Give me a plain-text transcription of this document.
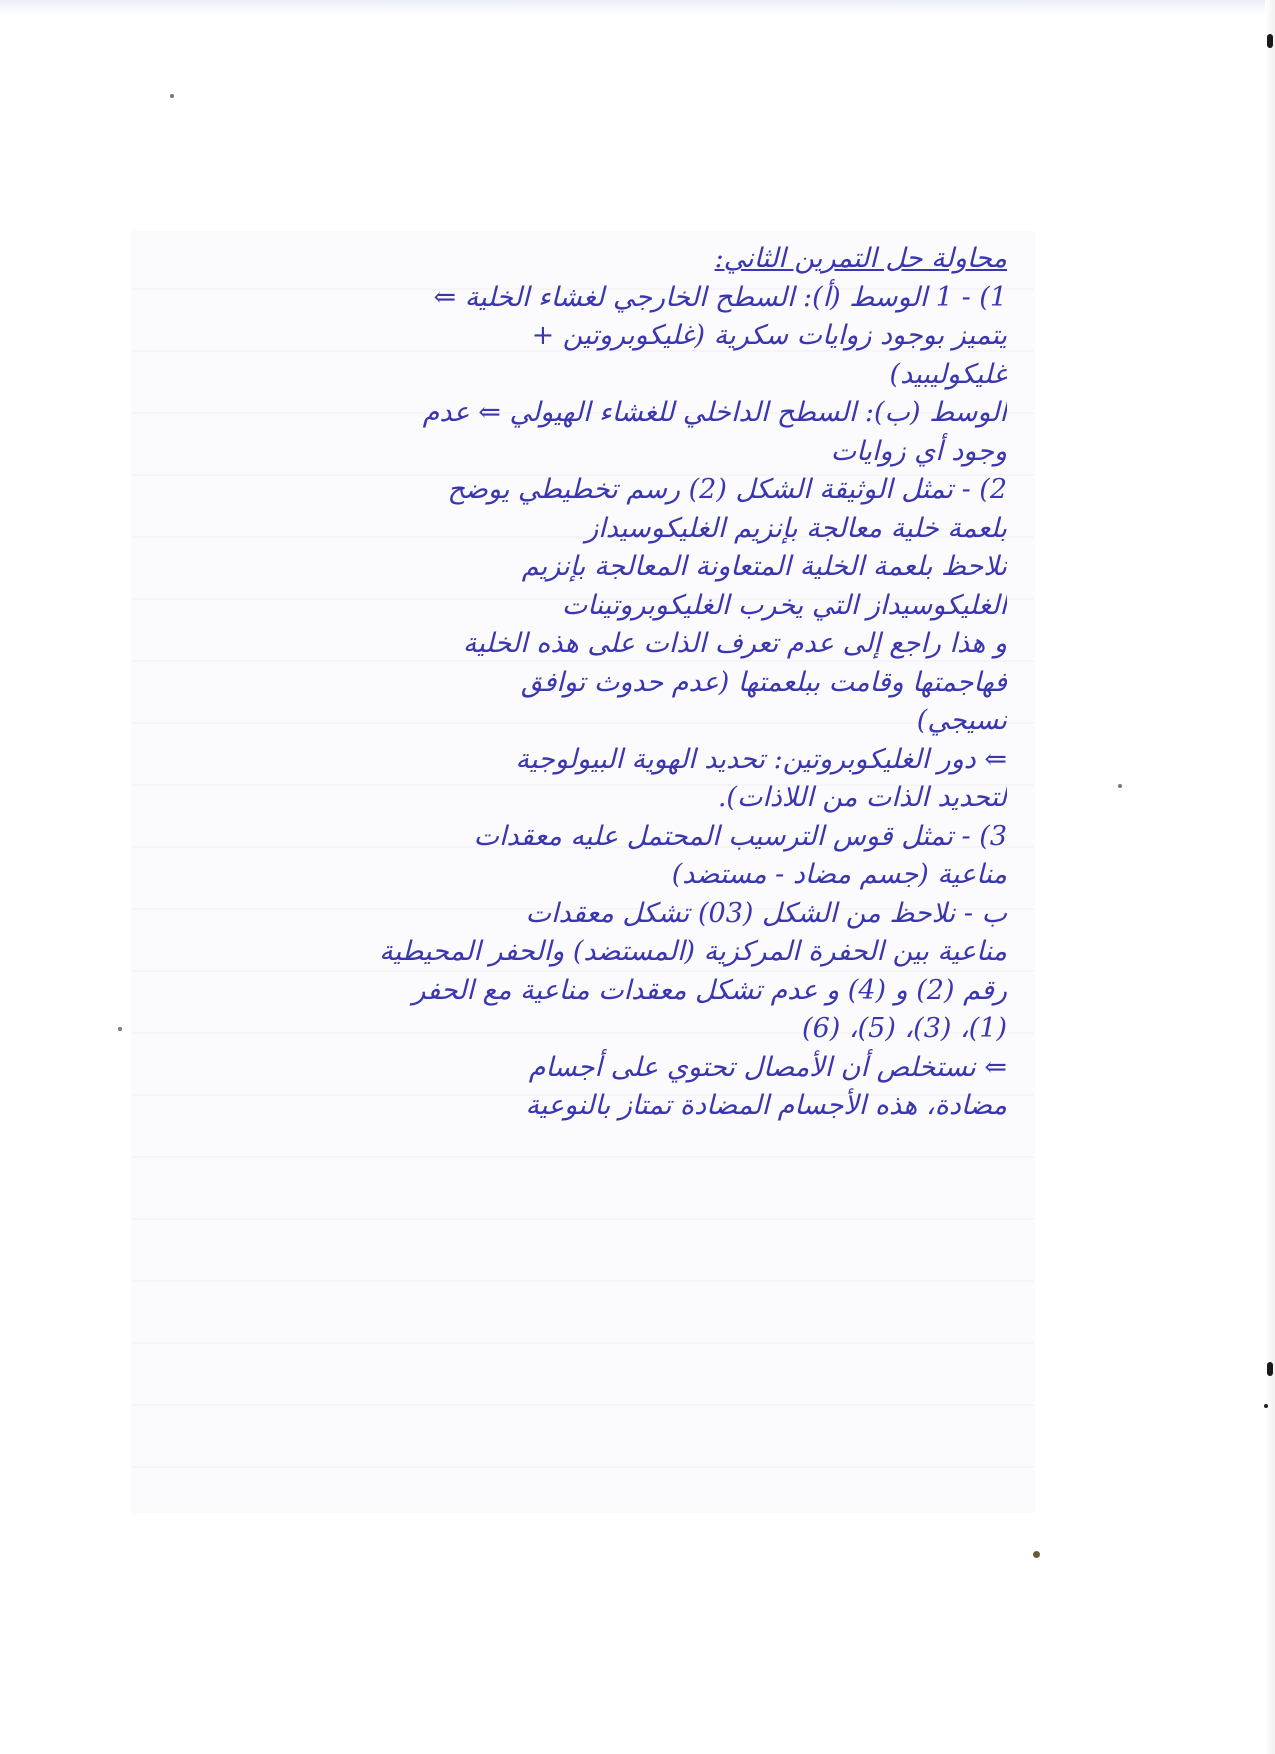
محاولة حل التمرين الثاني:
1) - 1 الوسط (أ): السطح الخارجي لغشاء الخلية ⇐
يتميز بوجود زوايات سكرية (غليكوبروتين +
غليكوليبيد)
الوسط (ب): السطح الداخلي للغشاء الهيولي ⇐ عدم
وجود أي زوايات
2) - تمثل الوثيقة الشكل (2) رسم تخطيطي يوضح
بلعمة خلية معالجة بإنزيم الغليكوسيداز
نلاحظ بلعمة الخلية المتعاونة المعالجة بإنزيم
الغليكوسيداز التي يخرب الغليكوبروتينات
و هذا راجع إلى عدم تعرف الذات على هذه الخلية
فهاجمتها وقامت ببلعمتها (عدم حدوث توافق
نسيجي)
⇐ دور الغليكوبروتين: تحديد الهوية البيولوجية
لتحديد الذات من اللاذات).
3) - تمثل قوس الترسيب المحتمل عليه معقدات
مناعية (جسم مضاد - مستضد)
ب - نلاحظ من الشكل (03) تشكل معقدات
مناعية بين الحفرة المركزية (المستضد) والحفر المحيطية
رقم (2) و (4) و عدم تشكل معقدات مناعية مع الحفر
(1)، (3)، (5)، (6)
⇐ نستخلص أن الأمصال تحتوي على أجسام
مضادة، هذه الأجسام المضادة تمتاز بالنوعية
